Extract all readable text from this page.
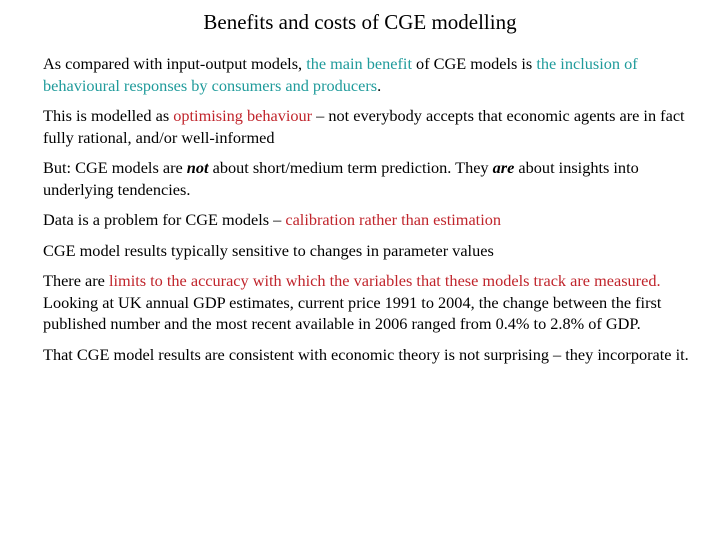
Benefits and costs of CGE modelling

As compared with input-output models, the main benefit of CGE models is the inclusion of behavioural responses by consumers and producers.

This is modelled as optimising behaviour – not everybody accepts that economic agents are in fact fully rational, and/or well-informed

But: CGE models are not about short/medium term prediction. They are about insights into underlying tendencies.

Data is a problem for CGE models – calibration rather than estimation

CGE model results typically sensitive to changes in parameter values

There are limits to the accuracy with which the variables that these models track are measured. Looking at UK annual GDP estimates, current price 1991 to 2004, the change between the first published number and the most recent available in 2006 ranged from 0.4% to 2.8% of GDP.

That CGE model results are consistent with economic theory is not surprising – they incorporate it.
